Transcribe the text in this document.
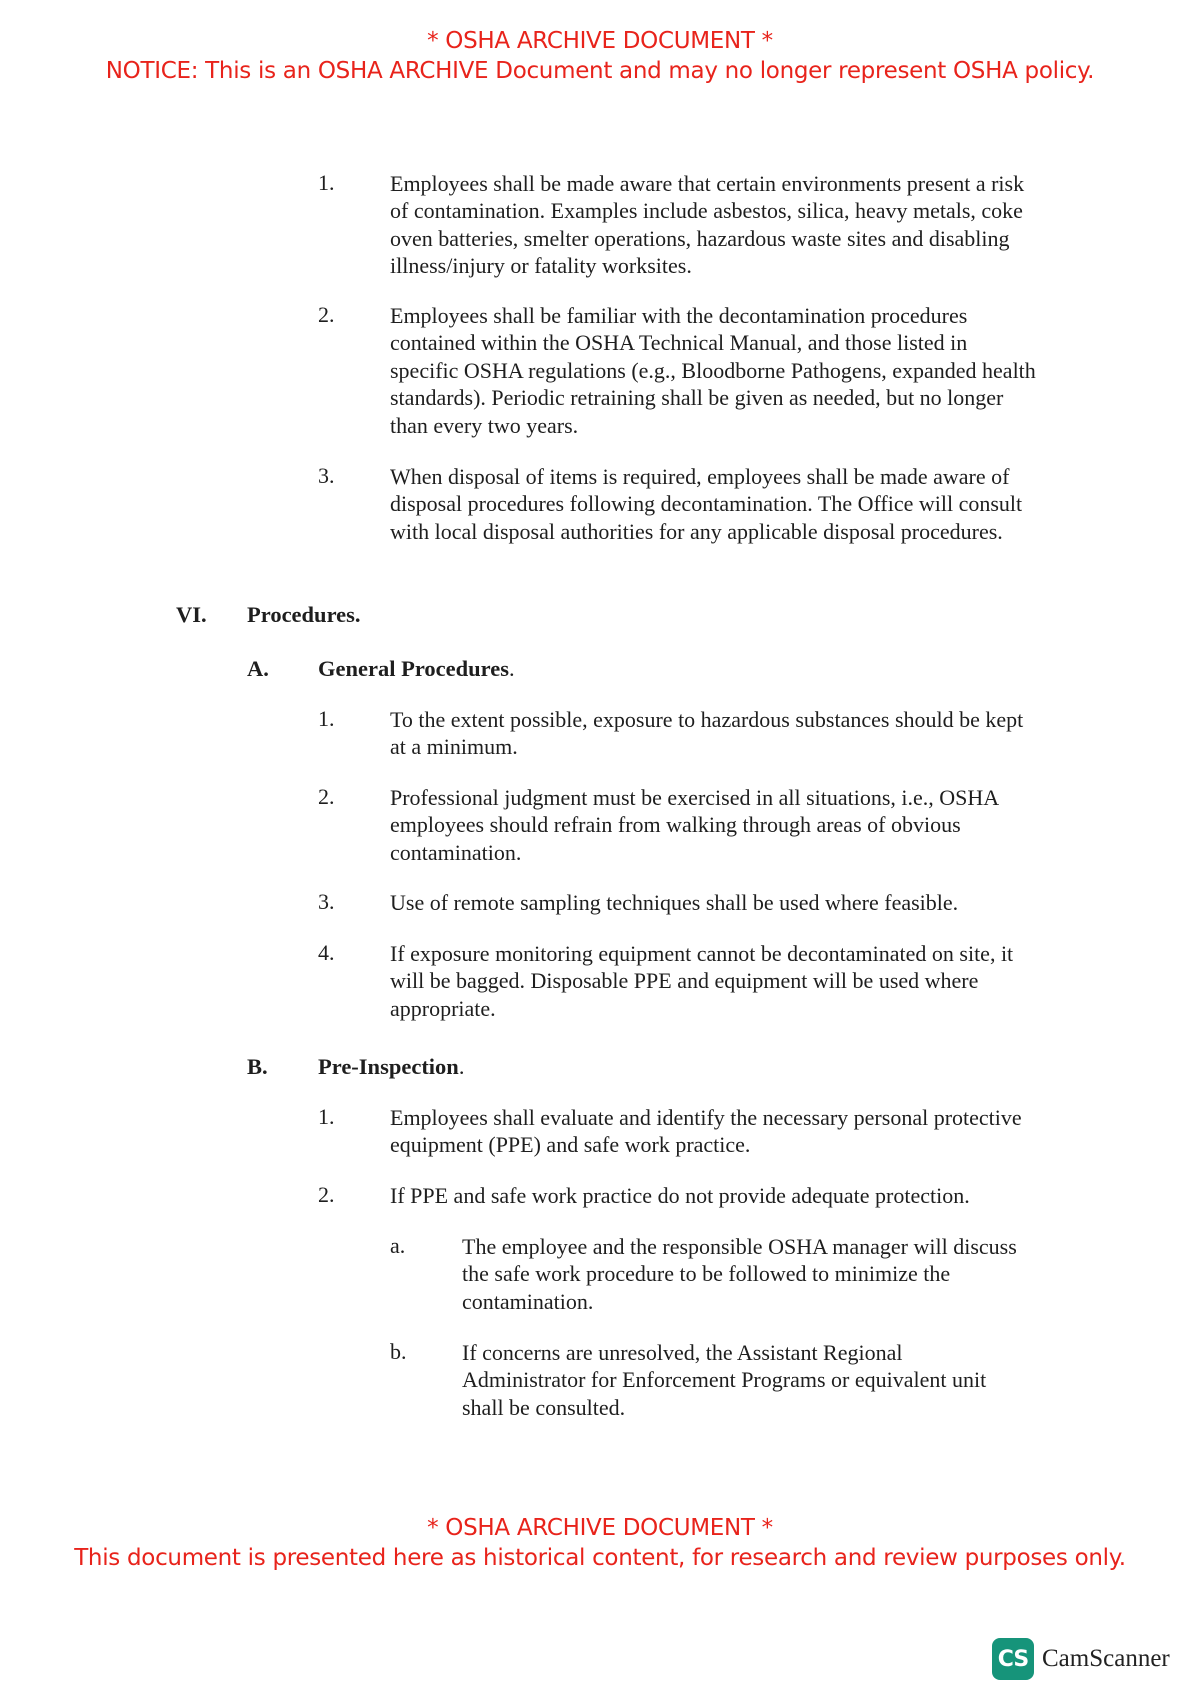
* OSHA ARCHIVE DOCUMENT *
NOTICE: This is an OSHA ARCHIVE Document and may no longer represent OSHA policy.
1.	Employees shall be made aware that certain environments present a risk of contamination. Examples include asbestos, silica, heavy metals, coke oven batteries, smelter operations, hazardous waste sites and disabling illness/injury or fatality worksites.
2.	Employees shall be familiar with the decontamination procedures contained within the OSHA Technical Manual, and those listed in specific OSHA regulations (e.g., Bloodborne Pathogens, expanded health standards). Periodic retraining shall be given as needed, but no longer than every two years.
3.	When disposal of items is required, employees shall be made aware of disposal procedures following decontamination. The Office will consult with local disposal authorities for any applicable disposal procedures.
VI. Procedures.
A. General Procedures.
1.	To the extent possible, exposure to hazardous substances should be kept at a minimum.
2.	Professional judgment must be exercised in all situations, i.e., OSHA employees should refrain from walking through areas of obvious contamination.
3.	Use of remote sampling techniques shall be used where feasible.
4.	If exposure monitoring equipment cannot be decontaminated on site, it will be bagged. Disposable PPE and equipment will be used where appropriate.
B. Pre-Inspection.
1.	Employees shall evaluate and identify the necessary personal protective equipment (PPE) and safe work practice.
2.	If PPE and safe work practice do not provide adequate protection.
a.	The employee and the responsible OSHA manager will discuss the safe work procedure to be followed to minimize the contamination.
b.	If concerns are unresolved, the Assistant Regional Administrator for Enforcement Programs or equivalent unit shall be consulted.
* OSHA ARCHIVE DOCUMENT *
This document is presented here as historical content, for research and review purposes only.
CS CamScanner
